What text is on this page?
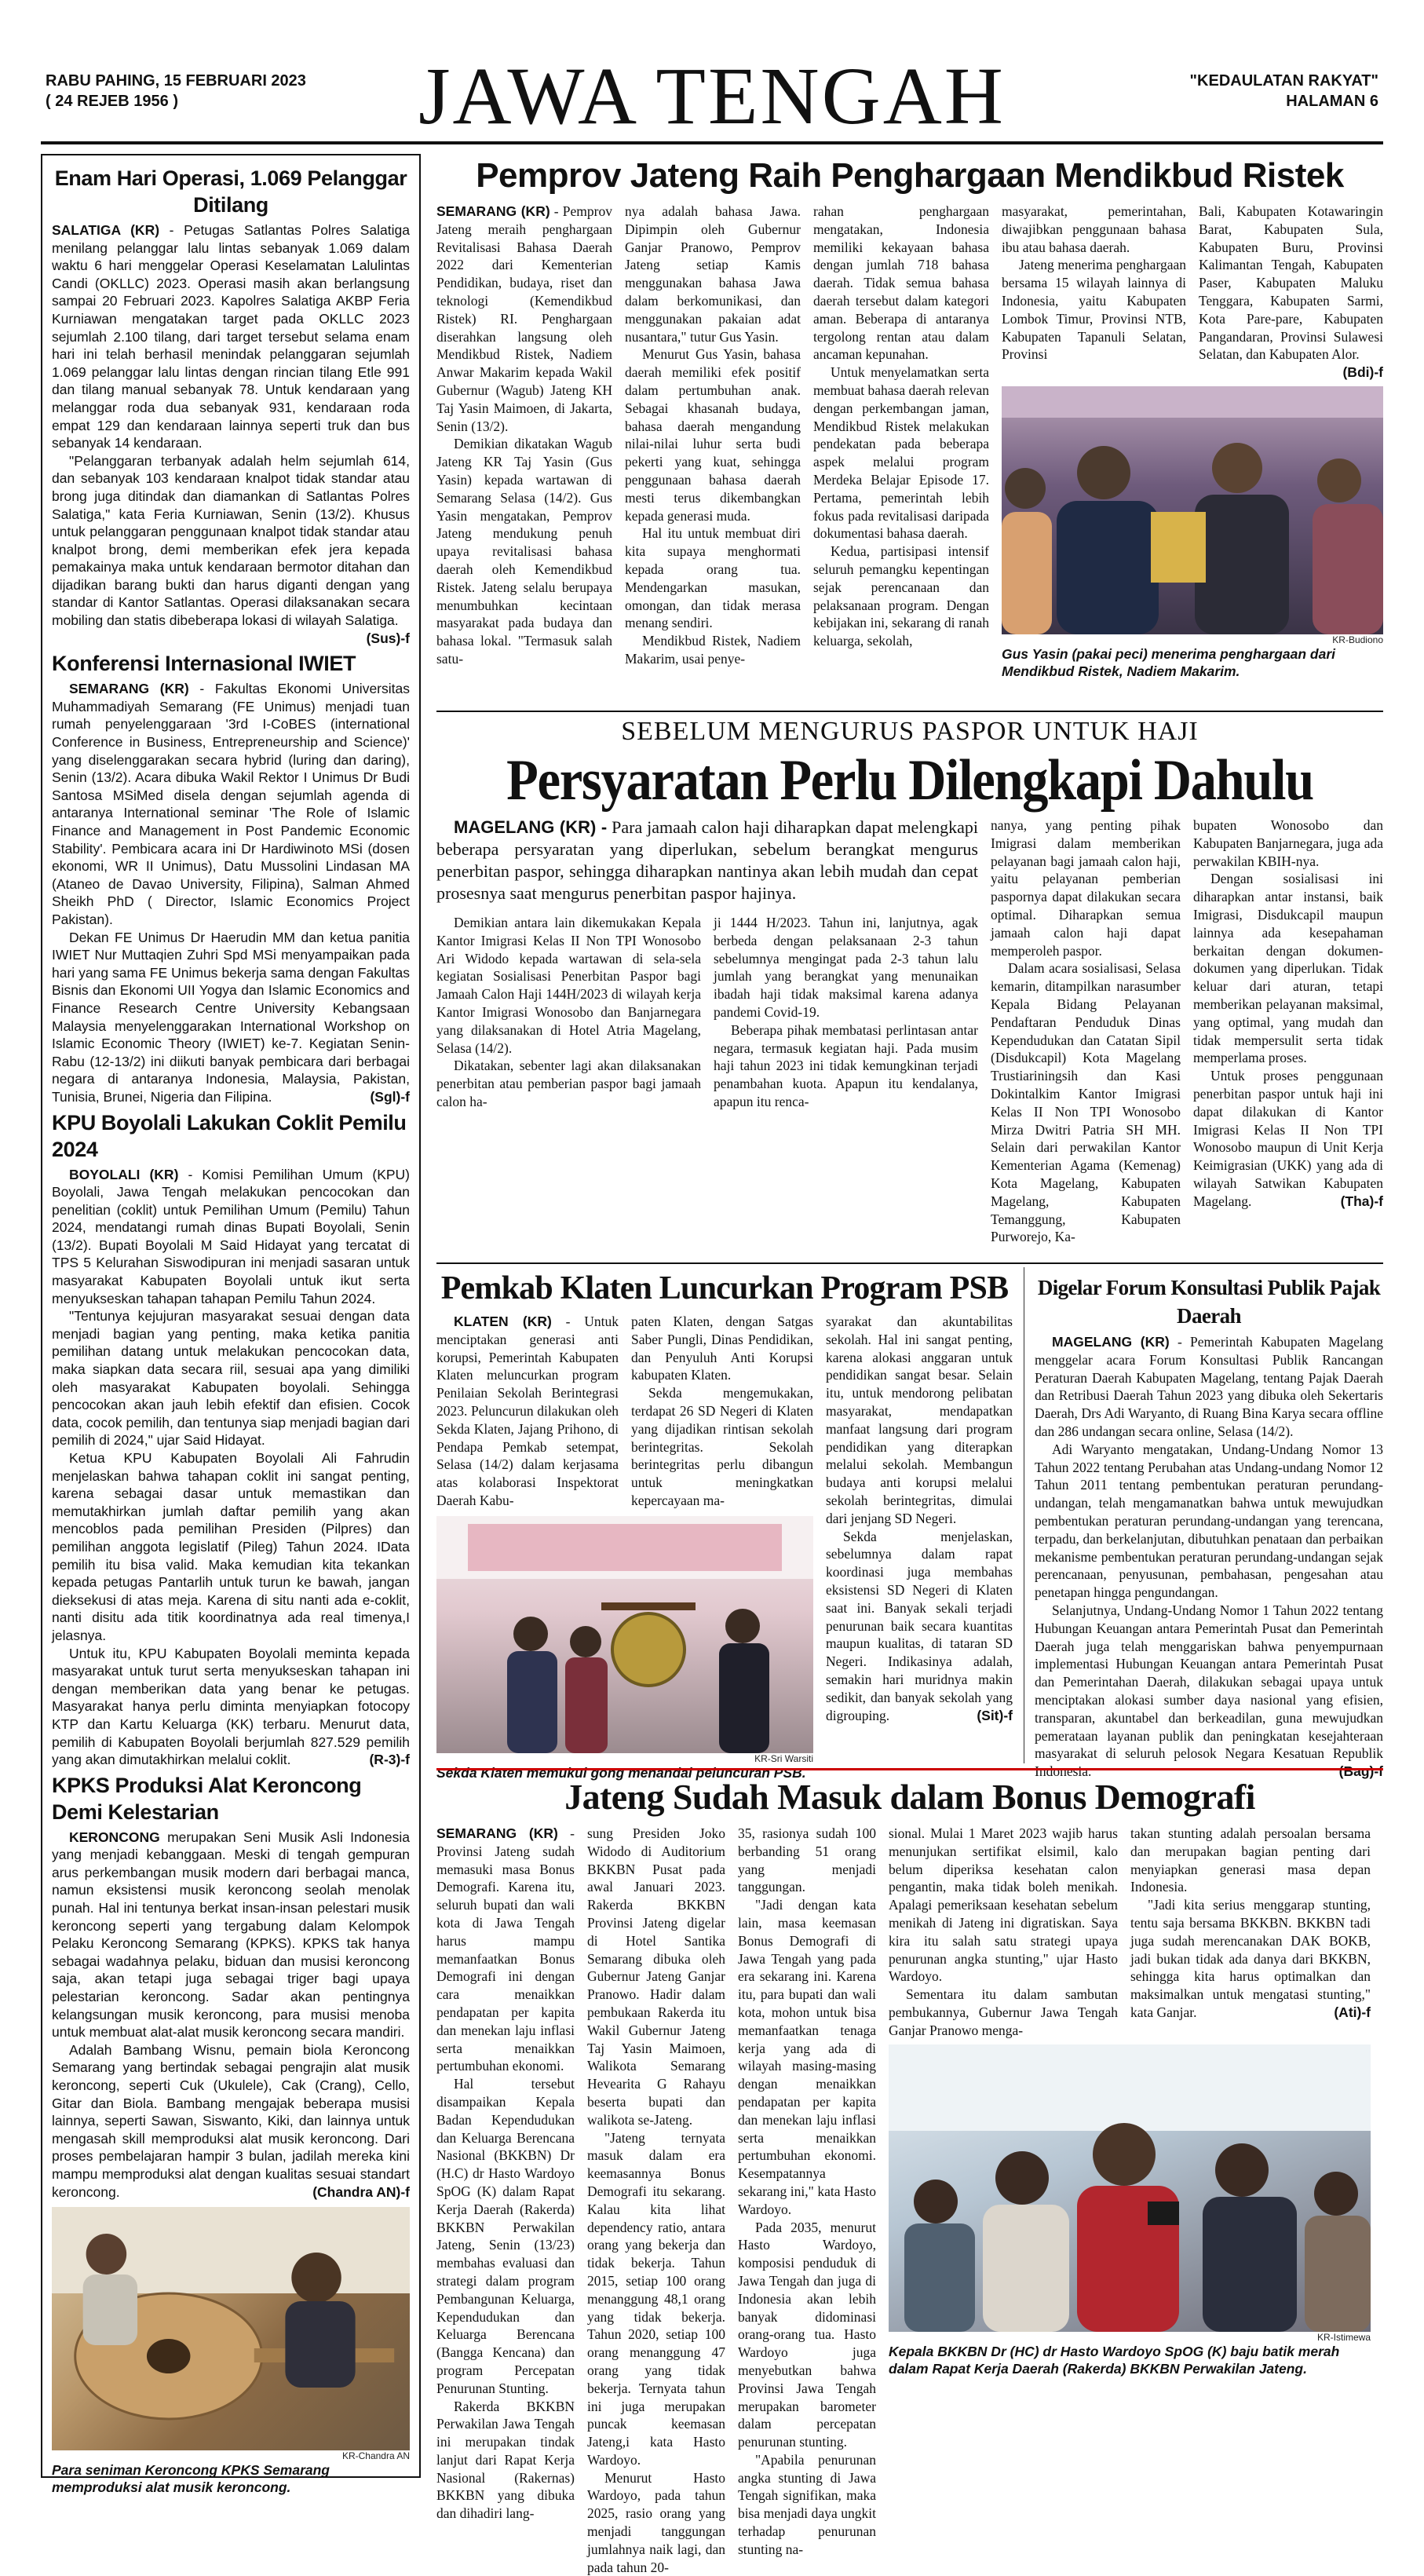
RABU PAHING, 15 FEBRUARI 2023
( 24 REJEB 1956 )	JAWA TENGAH	"KEDAULATAN RAKYAT"
HALAMAN 6
Enam Hari Operasi, 1.069 Pelanggar Ditilang

SALATIGA (KR) - Petugas Satlantas Polres Salatiga menilang pelanggar lalu lintas sebanyak 1.069 dalam waktu 6 hari menggelar Operasi Keselamatan Lalulintas Candi (OKLLC) 2023. Operasi masih akan berlangsung sampai 20 Februari 2023. Kapolres Salatiga AKBP Feria Kurniawan mengatakan target pada OKLLC 2023 sejumlah 2.100 tilang, dari target tersebut selama enam hari ini telah berhasil menindak pelanggaran sejumlah 1.069 pelanggar lalu lintas dengan rincian tilang Etle 991 dan tilang manual sebanyak 78. Untuk kendaraan yang melanggar roda dua sebanyak 931, kendaraan roda empat 129 dan kendaraan lainnya seperti truk dan bus sebanyak 14 kendaraan.

"Pelanggaran terbanyak adalah helm sejumlah 614, dan sebanyak 103 kendaraan knalpot tidak standar atau brong juga ditindak dan diamankan di Satlantas Polres Salatiga," kata Feria Kurniawan, Senin (13/2). Khusus untuk pelanggaran penggunaan knalpot tidak standar atau knalpot brong, demi memberikan efek jera kepada pemakainya maka untuk kendaraan bermotor ditahan dan dijadikan barang bukti dan harus diganti dengan yang standar di Kantor Satlantas. Operasi dilaksanakan secara mobiling dan statis dibeberapa lokasi di wilayah Salatiga.
(Sus)-f

Konferensi Internasional IWIET

SEMARANG (KR) - Fakultas Ekonomi Universitas Muhammadiyah Semarang (FE Unimus) menjadi tuan rumah penyelenggaraan '3rd I-CoBES (international Conference in Business, Entrepreneurship and Science)' yang diselenggarakan secara hybrid (luring dan daring), Senin (13/2). Acara dibuka Wakil Rektor I Unimus Dr Budi Santosa MSiMed disela dengan sejumlah agenda di antaranya International seminar 'The Role of Islamic Finance and Management in Post Pandemic Economic Stability'. Pembicara acara ini Dr Hardiwinoto MSi (dosen ekonomi, WR II Unimus), Datu Mussolini Lindasan MA (Ataneo de Davao University, Filipina), Salman Ahmed Sheikh PhD ( Director, Islamic Economics Project Pakistan).

Dekan FE Unimus Dr Haerudin MM dan ketua panitia IWIET Nur Muttaqien Zuhri Spd MSi menyampaikan pada hari yang sama FE Unimus bekerja sama dengan Fakultas Bisnis dan Ekonomi UII Yogya dan Islamic Economics and Finance Research Centre University Kebangsaan Malaysia menyelenggarakan International Workshop on Islamic Economic Theory (IWIET) ke-7. Kegiatan Senin-Rabu (12-13/2) ini diikuti banyak pembicara dari berbagai negara di antaranya Indonesia, Malaysia, Pakistan, Tunisia, Brunei, Nigeria dan Filipina.	(Sgl)-f

KPU Boyolali Lakukan Coklit Pemilu 2024

BOYOLALI (KR) - Komisi Pemilihan Umum (KPU) Boyolali, Jawa Tengah melakukan pencocokan dan penelitian (coklit) untuk Pemilihan Umum (Pemilu) Tahun 2024, mendatangi rumah dinas Bupati Boyolali, Senin (13/2). Bupati Boyolali M Said Hidayat yang tercatat di TPS 5 Kelurahan Siswodipuran ini menjadi sasaran untuk masyarakat Kabupaten Boyolali untuk ikut serta menyukseskan tahapan tahapan Pemilu Tahun 2024.

"Tentunya kejujuran masyarakat sesuai dengan data menjadi bagian yang penting, maka ketika panitia pemilihan datang untuk melakukan pencocokan data, maka siapkan data secara riil, sesuai apa yang dimiliki oleh masyarakat Kabupaten boyolali. Sehingga pencocokan akan jauh lebih efektif dan efisien. Cocok data, cocok pemilih, dan tentunya siap menjadi bagian dari pemilih di 2024," ujar Said Hidayat.

Ketua KPU Kabupaten Boyolali Ali Fahrudin menjelaskan bahwa tahapan coklit ini sangat penting, karena sebagai dasar untuk memastikan dan memutakhirkan jumlah daftar pemilih yang akan mencoblos pada pemilihan Presiden (Pilpres) dan pemilihan anggota legislatif (Pileg) Tahun 2024. IData pemilih itu bisa valid. Maka kemudian kita tekankan kepada petugas Pantarlih untuk turun ke bawah, jangan dieksekusi di atas meja. Karena di situ nanti ada e-coklit, nanti disitu ada titik koordinatnya ada real timenya,I jelasnya.

Untuk itu, KPU Kabupaten Boyolali meminta kepada masyarakat untuk turut serta menyukseskan tahapan ini dengan memberikan data yang benar ke petugas. Masyarakat hanya perlu diminta menyiapkan fotocopy KTP dan Kartu Keluarga (KK) terbaru. Menurut data, pemilih di Kabupaten Boyolali berjumlah 827.529 pemilih yang akan dimutakhirkan melalui coklit.	(R-3)-f

KPKS Produksi Alat Keroncong Demi Kelestarian

KERONCONG merupakan Seni Musik Asli Indonesia yang menjadi kebanggaan. Meski di tengah gempuran arus perkembangan musik modern dari berbagai manca, namun eksistensi musik keroncong seolah menolak punah. Hal ini tentunya berkat insan-insan pelestari musik keroncong seperti yang tergabung dalam Kelompok Pelaku Keroncong Semarang (KPKS). KPKS tak hanya sebagai wadahnya pelaku, biduan dan musisi keroncong saja, akan tetapi juga sebagai triger bagi upaya pelestarian keroncong. Sadar akan pentingnya kelangsungan musik keroncong, para musisi menoba untuk membuat alat-alat musik keroncong secara mandiri.

Adalah Bambang Wisnu, pemain biola Keroncong Semarang yang bertindak sebagai pengrajin alat musik keroncong, seperti Cuk (Ukulele), Cak (Crang), Cello, Gitar dan Biola. Bambang mengajak beberapa musisi lainnya, seperti Sawan, Siswanto, Kiki, dan lainnya untuk mengasah skill memproduksi alat musik keroncong. Dari proses pembelajaran hampir 3 bulan, jadilah mereka kini mampu memproduksi alat dengan kualitas sesuai standart keroncong.	(Chandra AN)-f

KR-Chandra AN
Para seniman Keroncong KPKS Semarang memproduksi alat musik keroncong.
Pemprov Jateng Raih Penghargaan Mendikbud Ristek

SEMARANG (KR) - Pemprov Jateng meraih penghargaan Revitalisasi Bahasa Daerah 2022 dari Kementerian Pendidikan, budaya, riset dan teknologi (Kemendikbud Ristek) RI. Penghargaan diserahkan langsung oleh Mendikbud Ristek, Nadiem Anwar Makarim kepada Wakil Gubernur (Wagub) Jateng KH Taj Yasin Maimoen, di Jakarta, Senin (13/2).

Demikian dikatakan Wagub Jateng KR Taj Yasin (Gus Yasin) kepada wartawan di Semarang Selasa (14/2). Gus Yasin mengatakan, Pemprov Jateng mendukung penuh upaya revitalisasi bahasa daerah oleh Kemendikbud Ristek. Jateng selalu berupaya menumbuhkan kecintaan masyarakat pada budaya dan bahasa lokal. "Termasuk salah satu-

nya adalah bahasa Jawa. Dipimpin oleh Gubernur Ganjar Pranowo, Pemprov Jateng setiap Kamis menggunakan bahasa Jawa dalam berkomunikasi, dan menggunakan pakaian adat nusantara," tutur Gus Yasin.

Menurut Gus Yasin, bahasa daerah memiliki efek positif dalam pertumbuhan anak. Sebagai khasanah budaya, bahasa daerah mengandung nilai-nilai luhur serta budi pekerti yang kuat, sehingga penggunaan bahasa daerah mesti terus dikembangkan kepada generasi muda.

Hal itu untuk membuat diri kita supaya menghormati kepada orang tua. Mendengarkan masukan, omongan, dan tidak merasa menang sendiri.

Mendikbud Ristek, Nadiem Makarim, usai penye-

rahan penghargaan mengatakan, Indonesia memiliki kekayaan bahasa dengan jumlah 718 bahasa daerah. Tidak semua bahasa daerah tersebut dalam kategori aman. Beberapa di antaranya tergolong rentan atau dalam ancaman kepunahan.

Untuk menyelamatkan serta membuat bahasa daerah relevan dengan perkembangan jaman, Mendikbud Ristek melakukan pendekatan pada beberapa aspek melalui program Merdeka Belajar Episode 17. Pertama, pemerintah lebih fokus pada revitalisasi daripada dokumentasi bahasa daerah.

Kedua, partisipasi intensif seluruh pemangku kepentingan sejak perencanaan dan pelaksanaan program. Dengan kebijakan ini, sekarang di ranah keluarga, sekolah,

masyarakat, pemerintahan, diwajibkan penggunaan bahasa ibu atau bahasa daerah.

Jateng menerima penghargaan bersama 15 wilayah lainnya di Indonesia, yaitu Kabupaten Lombok Timur, Provinsi NTB, Kabupaten Tapanuli Selatan, Provinsi

Bali, Kabupaten Kotawaringin Barat, Kabupaten Sula, Kabupaten Buru, Provinsi Kalimantan Tengah, Kabupaten Paser, Kabupaten Maluku Tenggara, Kabupaten Sarmi, Kota Pare-pare, Kabupaten Pangandaran, Provinsi Sulawesi Selatan, dan Kabupaten Alor.
(Bdi)-f

KR-Budiono
Gus Yasin (pakai peci) menerima penghargaan dari Mendikbud Ristek, Nadiem Makarim.
SEBELUM MENGURUS PASPOR UNTUK HAJI
Persyaratan Perlu Dilengkapi Dahulu

MAGELANG (KR) - Para jamaah calon haji diharapkan dapat melengkapi beberapa persyaratan yang diperlukan, sebelum berangkat mengurus penerbitan paspor, sehingga diharapkan nantinya akan lebih mudah dan cepat prosesnya saat mengurus penerbitan paspor hajinya.

Demikian antara lain dikemukakan Kepala Kantor Imigrasi Kelas II Non TPI Wonosobo Ari Widodo kepada wartawan di sela-sela kegiatan Sosialisasi Penerbitan Paspor bagi Jamaah Calon Haji 144H/2023 di wilayah kerja Kantor Imigrasi Wonosobo dan Banjarnegara yang dilaksanakan di Hotel Atria Magelang, Selasa (14/2).

Dikatakan, sebenter lagi akan dilaksanakan penerbitan atau pemberian paspor bagi jamaah calon ha-

ji 1444 H/2023. Tahun ini, lanjutnya, agak berbeda dengan pelaksanaan 2-3 tahun sebelumnya mengingat pada 2-3 tahun lalu jumlah yang berangkat yang menunaikan ibadah haji tidak maksimal karena adanya pandemi Covid-19.

Beberapa pihak membatasi perlintasan antar negara, termasuk kegiatan haji. Pada musim haji tahun 2023 ini tidak kemungkinan terjadi penambahan kuota. Apapun itu kendalanya, apapun itu renca-

nanya, yang penting pihak Imigrasi dalam memberikan pelayanan bagi jamaah calon haji, yaitu pelayanan pemberian paspornya dapat dilakukan secara optimal. Diharapkan semua jamaah calon haji dapat memperoleh paspor.

Dalam acara sosialisasi, Selasa kemarin, ditampilkan narasumber Kepala Bidang Pelayanan Pendaftaran Penduduk Dinas Kependudukan dan Catatan Sipil (Disdukcapil) Kota Magelang Trustiariningsih dan Kasi Dokintalkim Kantor Imigrasi Kelas II Non TPI Wonosobo Mirza Dwitri Patria SH MH. Selain dari perwakilan Kantor Kementerian Agama (Kemenag) Kota Magelang, Kabupaten Magelang, Kabupaten Temanggung, Kabupaten Purworejo, Ka-

bupaten Wonosobo dan Kabupaten Banjarnegara, juga ada perwakilan KBIH-nya.

Dengan sosialisasi ini diharapkan antar instansi, baik Imigrasi, Disdukcapil maupun lainnya ada kesepahaman berkaitan dengan dokumen-dokumen yang diperlukan. Tidak keluar dari aturan, tetapi memberikan pelayanan maksimal, yang optimal, yang mudah dan tidak mempersulit serta tidak memperlama proses.

Untuk proses penggunaan penerbitan paspor untuk haji ini dapat dilakukan di Kantor Imigrasi Kelas II Non TPI Wonosobo maupun di Unit Kerja Keimigrasian (UKK) yang ada di wilayah Satwikan Kabupaten Magelang.	(Tha)-f

Pemkab Klaten Luncurkan Program PSB

KLATEN (KR) - Untuk menciptakan generasi anti korupsi, Pemerintah Kabupaten Klaten meluncurkan program Penilaian Sekolah Berintegrasi 2023. Peluncurun dilakukan oleh Sekda Klaten, Jajang Prihono, di Pendapa Pemkab setempat, Selasa (14/2) dalam kerjasama atas kolaborasi Inspektorat Daerah Kabu-

paten Klaten, dengan Satgas Saber Pungli, Dinas Pendidikan, dan Penyuluh Anti Korupsi kabupaten Klaten.

Sekda mengemukakan, terdapat 26 SD Negeri di Klaten yang dijadikan rintisan sekolah berintegritas. Sekolah berintegritas perlu dibangun untuk meningkatkan kepercayaan ma-

KR-Sri Warsiti
Sekda Klaten memukul gong menandai peluncuran PSB.

syarakat dan akuntabilitas sekolah. Hal ini sangat penting, karena alokasi anggaran untuk pendidikan sangat besar. Selain itu, untuk mendorong pelibatan masyarakat, mendapatkan manfaat langsung dari program pendidikan yang diterapkan melalui sekolah. Membangun budaya anti korupsi melalui sekolah berintegritas, dimulai dari jenjang SD Negeri.

Sekda menjelaskan, sebelumnya dalam rapat koordinasi juga membahas eksistensi SD Negeri di Klaten saat ini. Banyak sekali terjadi penurunan baik secara kuantitas maupun kualitas, di tataran SD Negeri. Indikasinya adalah, semakin hari muridnya makin sedikit, dan banyak sekolah yang digrouping.	(Sit)-f

Digelar Forum Konsultasi Publik Pajak Daerah

MAGELANG (KR) - Pemerintah Kabupaten Magelang menggelar acara Forum Konsultasi Publik Rancangan Peraturan Daerah Kabupaten Magelang, tentang Pajak Daerah dan Retribusi Daerah Tahun 2023 yang dibuka oleh Sekertaris Daerah, Drs Adi Waryanto, di Ruang Bina Karya secara offline dan 286 undangan secara online, Selasa (14/2).

Adi Waryanto mengatakan, Undang-Undang Nomor 13 Tahun 2022 tentang Perubahan atas Undang-undang Nomor 12 Tahun 2011 tentang pembentukan peraturan perundang-undangan, telah mengamanatkan bahwa untuk mewujudkan pembentukan peraturan perundang-undangan yang terencana, terpadu, dan berkelanjutan, dibutuhkan penataan dan perbaikan mekanisme pembentukan peraturan perundang-undangan sejak perencanaan, penyusunan, pembahasan, pengesahan atau penetapan hingga pengundangan.

Selanjutnya, Undang-Undang Nomor 1 Tahun 2022 tentang Hubungan Keuangan antara Pemerintah Pusat dan Pemerintah Daerah juga telah menggariskan bahwa penyempurnaan implementasi Hubungan Keuangan antara Pemerintah Pusat dan Pemerintahan Daerah, dilakukan sebagai upaya untuk menciptakan alokasi sumber daya nasional yang efisien, transparan, akuntabel dan berkeadilan, guna mewujudkan pemerataan layanan publik dan peningkatan kesejahteraan masyarakat di seluruh pelosok Negara Kesatuan Republik Indonesia.	(Bag)-f

Jateng Sudah Masuk dalam Bonus Demografi

SEMARANG (KR) - Provinsi Jateng sudah memasuki masa Bonus Demografi. Karena itu, seluruh bupati dan wali kota di Jawa Tengah harus mampu memanfaatkan Bonus Demografi ini dengan cara menaikkan pendapatan per kapita dan menekan laju inflasi serta menaikkan pertumbuhan ekonomi.

Hal tersebut disampaikan Kepala Badan Kependudukan dan Keluarga Berencana Nasional (BKKBN) Dr (H.C) dr Hasto Wardoyo SpOG (K) dalam Rapat Kerja Daerah (Rakerda) BKKBN Perwakilan Jateng, Senin (13/23) membahas evaluasi dan strategi dalam program Pembangunan Keluarga, Kependudukan dan Keluarga Berencana (Bangga Kencana) dan program Percepatan Penurunan Stunting.

Rakerda BKKBN Perwakilan Jawa Tengah ini merupakan tindak lanjut dari Rapat Kerja Nasional (Rakernas) BKKBN yang dibuka dan dihadiri lang-

sung Presiden Joko Widodo di Auditorium BKKBN Pusat pada awal Januari 2023. Rakerda BKKBN Provinsi Jateng digelar di Hotel Santika Semarang dibuka oleh Gubernur Jateng Ganjar Pranowo. Hadir dalam pembukaan Rakerda itu Wakil Gubernur Jateng Taj Yasin Maimoen, Walikota Semarang Hevearita G Rahayu beserta bupati dan walikota se-Jateng.

"Jateng ternyata masuk dalam era keemasannya Bonus Demografi itu sekarang. Kalau kita lihat dependency ratio, antara orang yang bekerja dan tidak bekerja. Tahun 2015, setiap 100 orang menanggung 48,1 orang yang tidak bekerja. Tahun 2020, setiap 100 orang menanggung 47 orang yang tidak bekerja. Ternyata tahun ini juga merupakan puncak keemasan Jateng,i kata Hasto Wardoyo.

Menurut Hasto Wardoyo, pada tahun 2025, rasio orang yang menjadi tanggungan jumlahnya naik lagi, dan pada tahun 20-

35, rasionya sudah 100 berbanding 51 orang yang menjadi tanggungan.

"Jadi dengan kata lain, masa keemasan Bonus Demografi di Jawa Tengah yang pada era sekarang ini. Karena itu, para bupati dan wali kota, mohon untuk bisa memanfaatkan tenaga kerja yang ada di wilayah masing-masing dengan menaikkan pendapatan per kapita dan menekan laju inflasi serta menaikkan pertumbuhan ekonomi. Kesempatannya sekarang ini," kata Hasto Wardoyo.

Pada 2035, menurut Hasto Wardoyo, komposisi penduduk di Jawa Tengah dan juga di Indonesia akan lebih banyak didominasi orang-orang tua. Hasto Wardoyo juga menyebutkan bahwa Provinsi Jawa Tengah merupakan barometer dalam percepatan penurunan stunting.

"Apabila penurunan angka stunting di Jawa Tengah signifikan, maka bisa menjadi daya ungkit terhadap penurunan stunting na-

sional. Mulai 1 Maret 2023 wajib harus menunjukan sertifikat elsimil, kalo belum diperiksa kesehatan calon pengantin, maka tidak boleh menikah. Apalagi pemeriksaan kesehatan sebelum menikah di Jateng ini digratiskan. Saya kira itu salah satu strategi upaya penurunan angka stunting," ujar Hasto Wardoyo.

Sementara itu dalam sambutan pembukannya, Gubernur Jawa Tengah Ganjar Pranowo menga-

takan stunting adalah persoalan bersama dan merupakan bagian penting dari menyiapkan generasi masa depan Indonesia.

"Jadi kita serius menggarap stunting, tentu saja bersama BKKBN. BKKBN tadi juga sudah merencanakan DAK BOKB, jadi bukan tidak ada danya dari BKKBN, sehingga kita harus optimalkan dan maksimalkan untuk mengatasi stunting," kata Ganjar.	(Ati)-f

KR-Istimewa
Kepala BKKBN Dr (HC) dr Hasto Wardoyo SpOG (K) baju batik merah dalam Rapat Kerja Daerah (Rakerda) BKKBN Perwakilan Jateng.
